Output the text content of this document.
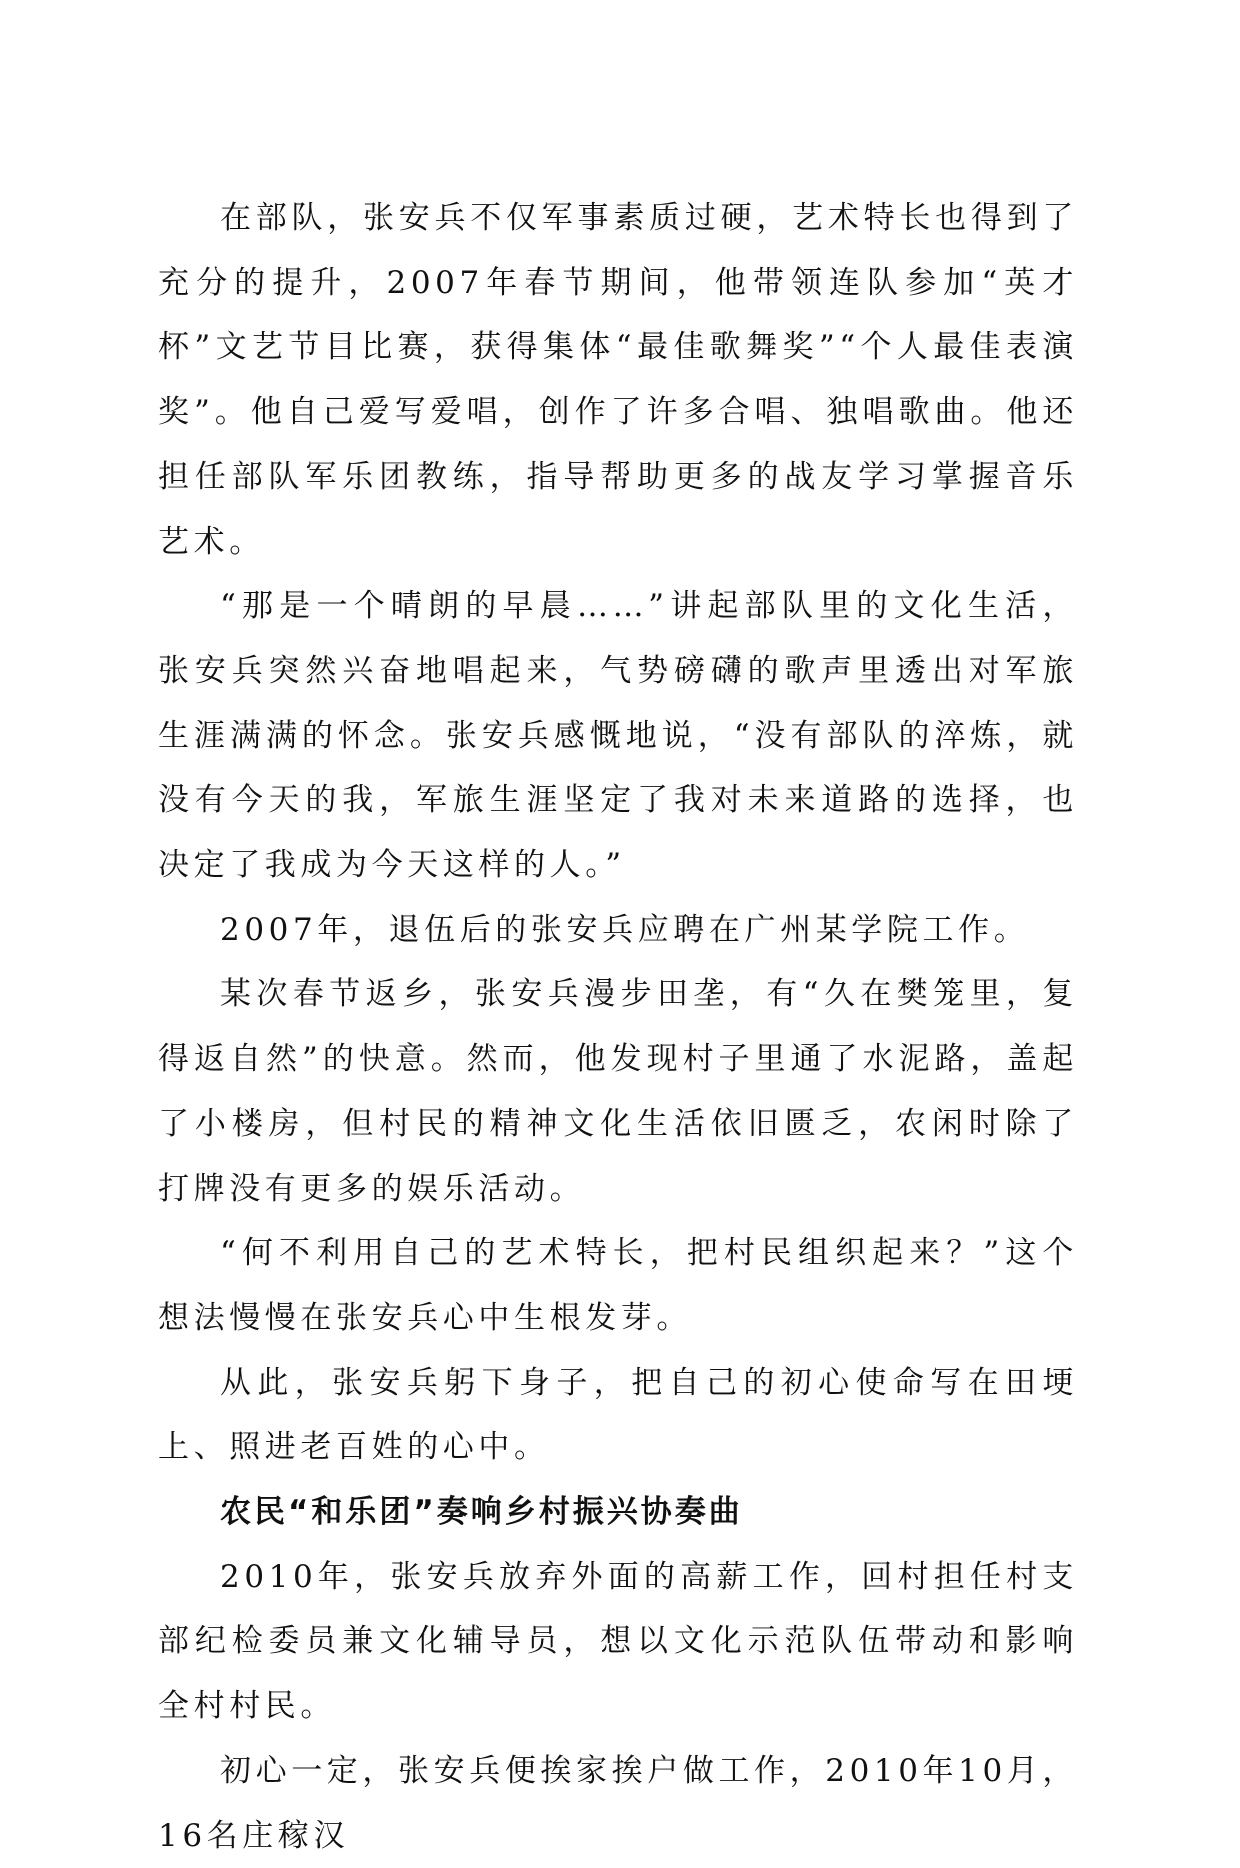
在部队，张安兵不仅军事素质过硬，艺术特长也得到了充分的提升，2007年春节期间，他带领连队参加“英才杯”文艺节目比赛，获得集体“最佳歌舞奖”“个人最佳表演奖”。他自己爱写爱唱，创作了许多合唱、独唱歌曲。他还担任部队军乐团教练，指导帮助更多的战友学习掌握音乐艺术。

“那是一个晴朗的早晨……”讲起部队里的文化生活，张安兵突然兴奋地唱起来，气势磅礴的歌声里透出对军旅生涯满满的怀念。张安兵感慨地说，“没有部队的淬炼，就没有今天的我，军旅生涯坚定了我对未来道路的选择，也决定了我成为今天这样的人。”

2007年，退伍后的张安兵应聘在广州某学院工作。

某次春节返乡，张安兵漫步田垄，有“久在樊笼里，复得返自然”的快意。然而，他发现村子里通了水泥路，盖起了小楼房，但村民的精神文化生活依旧匮乏，农闲时除了打牌没有更多的娱乐活动。

“何不利用自己的艺术特长，把村民组织起来？”这个想法慢慢在张安兵心中生根发芽。

从此，张安兵躬下身子，把自己的初心使命写在田埂上、照进老百姓的心中。

农民“和乐团”奏响乡村振兴协奏曲

2010年，张安兵放弃外面的高薪工作，回村担任村支部纪检委员兼文化辅导员，想以文化示范队伍带动和影响全村村民。

初心一定，张安兵便挨家挨户做工作，2010年10月，16名庄稼汉
